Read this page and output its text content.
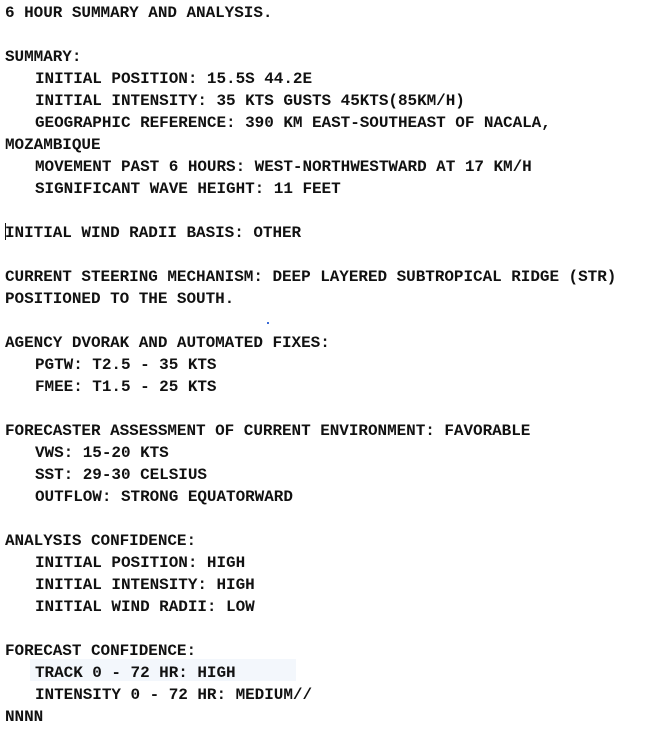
6 HOUR SUMMARY AND ANALYSIS.
SUMMARY:
INITIAL POSITION: 15.5S 44.2E
INITIAL INTENSITY: 35 KTS GUSTS 45KTS(85KM/H)
GEOGRAPHIC REFERENCE: 390 KM EAST-SOUTHEAST OF NACALA,
MOZAMBIQUE
MOVEMENT PAST 6 HOURS: WEST-NORTHWESTWARD AT 17 KM/H
SIGNIFICANT WAVE HEIGHT: 11 FEET
INITIAL WIND RADII BASIS: OTHER
CURRENT STEERING MECHANISM: DEEP LAYERED SUBTROPICAL RIDGE (STR)
POSITIONED TO THE SOUTH.
AGENCY DVORAK AND AUTOMATED FIXES:
PGTW: T2.5 - 35 KTS
FMEE: T1.5 - 25 KTS
FORECASTER ASSESSMENT OF CURRENT ENVIRONMENT: FAVORABLE
VWS: 15-20 KTS
SST: 29-30 CELSIUS
OUTFLOW: STRONG EQUATORWARD
ANALYSIS CONFIDENCE:
INITIAL POSITION: HIGH
INITIAL INTENSITY: HIGH
INITIAL WIND RADII: LOW
FORECAST CONFIDENCE:
TRACK 0 - 72 HR: HIGH
INTENSITY 0 - 72 HR: MEDIUM//
NNNN
